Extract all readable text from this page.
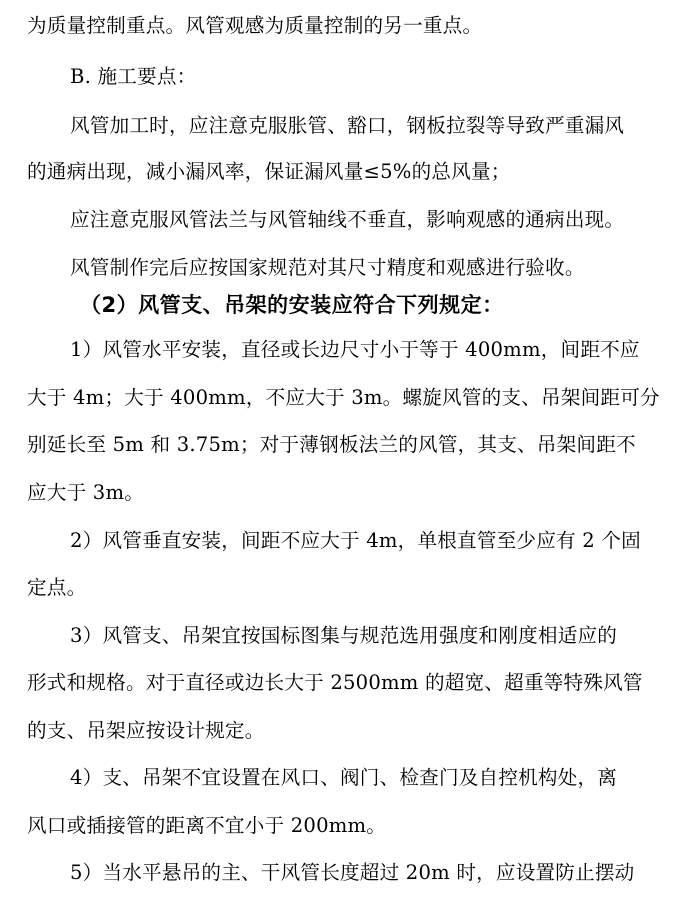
为质量控制重点。风管观感为质量控制的另一重点。
B. 施工要点：
风管加工时，应注意克服胀管、豁口，钢板拉裂等导致严重漏风
的通病出现，减小漏风率，保证漏风量≤5%的总风量；
应注意克服风管法兰与风管轴线不垂直，影响观感的通病出现。
风管制作完后应按国家规范对其尺寸精度和观感进行验收。
（2）风管支、吊架的安装应符合下列规定：
1）风管水平安装，直径或长边尺寸小于等于 400mm，间距不应
大于 4m；大于 400mm，不应大于 3m。螺旋风管的支、吊架间距可分
别延长至 5m 和 3.75m；对于薄钢板法兰的风管，其支、吊架间距不
应大于 3m。
2）风管垂直安装，间距不应大于 4m，单根直管至少应有 2 个固
定点。
3）风管支、吊架宜按国标图集与规范选用强度和刚度相适应的
形式和规格。对于直径或边长大于 2500mm 的超宽、超重等特殊风管
的支、吊架应按设计规定。
4）支、吊架不宜设置在风口、阀门、检查门及自控机构处，离
风口或插接管的距离不宜小于 200mm。
5）当水平悬吊的主、干风管长度超过 20m 时，应设置防止摆动
